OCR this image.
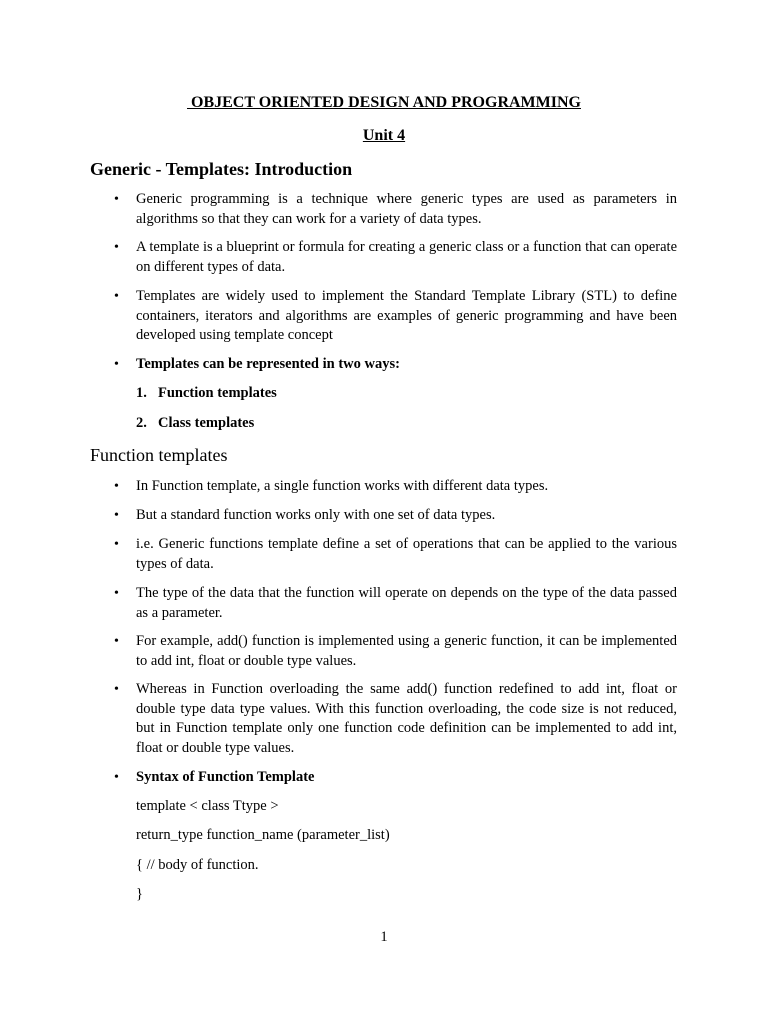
OBJECT ORIENTED DESIGN AND PROGRAMMING
Unit 4
Generic - Templates: Introduction
•	Generic programming is a technique where generic types are used as parameters in algorithms so that they can work for a variety of data types.
•	A template is a blueprint or formula for creating a generic class or a function that can operate on different types of data.
•	Templates are widely used to implement the Standard Template Library (STL) to define containers, iterators and algorithms are examples of generic programming and have been developed using template concept
•	Templates can be represented in two ways:
1. Function templates
2. Class templates
Function templates
•	In Function template, a single function works with different data types.
•	But a standard function works only with one set of data types.
•	i.e. Generic functions template define a set of operations that can be applied to the various types of data.
•	The type of the data that the function will operate on depends on the type of the data passed as a parameter.
•	For example, add() function is implemented using a generic function, it can be implemented to add int, float or double type values.
•	Whereas in Function overloading the same add() function redefined to add int, float or double type data type values. With this function overloading, the code size is not reduced, but in Function template only one function code definition can be implemented to add int, float or double type values.
•	Syntax of Function Template
template < class Ttype >
return_type function_name (parameter_list)
{ // body of function.
}
1
